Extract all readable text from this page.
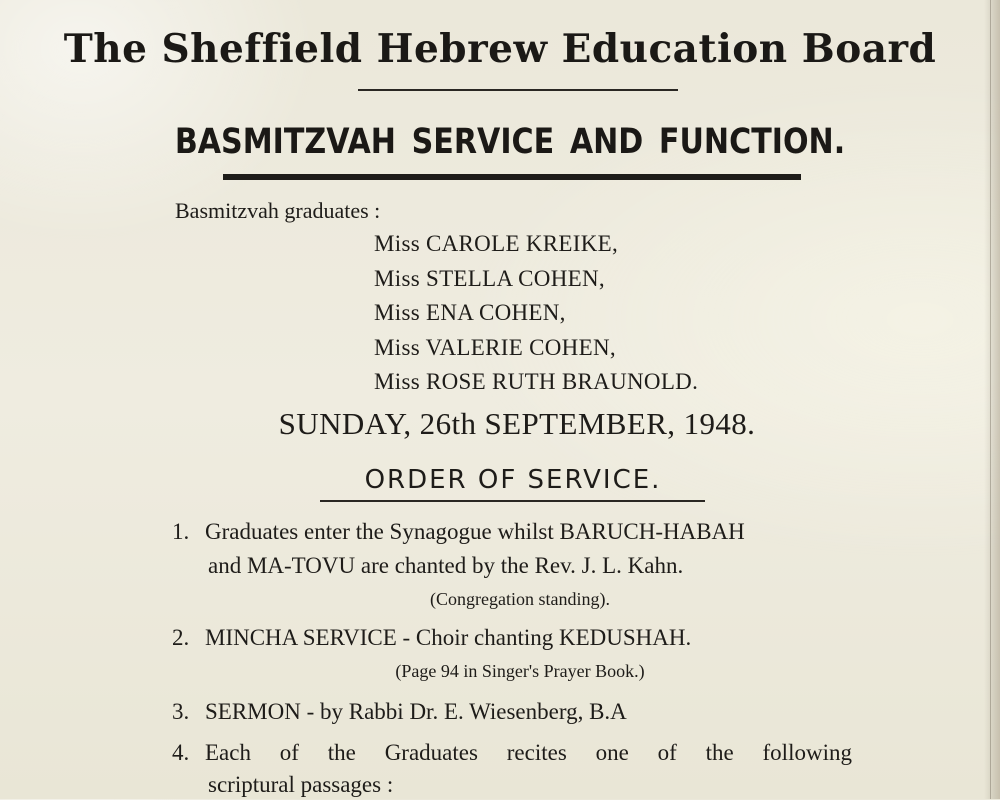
The Sheffield Hebrew Education Board
BASMITZVAH SERVICE AND FUNCTION.
Basmitzvah graduates :
Miss CAROLE KREIKE,
Miss STELLA COHEN,
Miss ENA COHEN,
Miss VALERIE COHEN,
Miss ROSE RUTH BRAUNOLD.
SUNDAY, 26th SEPTEMBER, 1948.
ORDER OF SERVICE.
1. Graduates enter the Synagogue whilst BARUCH-HABAH
and MA-TOVU are chanted by the Rev. J. L. Kahn.
(Congregation standing).
2. MINCHA SERVICE - Choir chanting KEDUSHAH.
(Page 94 in Singer's Prayer Book.)
3. SERMON - by Rabbi Dr. E. Wiesenberg, B.A
4. Each of the Graduates recites one of the following
scriptural passages :
